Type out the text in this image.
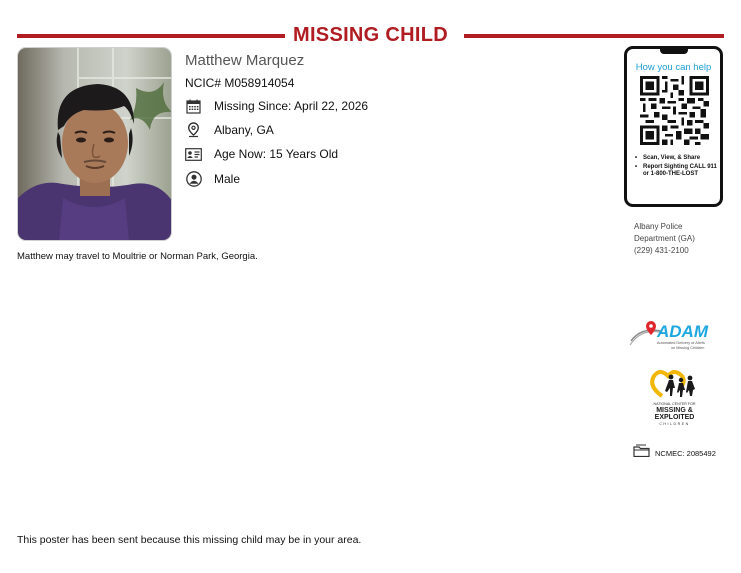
MISSING CHILD
Matthew Marquez
NCIC# M058914054
Missing Since: April 22, 2026
Albany, GA
Age Now: 15 Years Old
Male
Matthew may travel to Moultrie or Norman Park, Georgia.
How you can help
• Scan, View, & Share
• Report Sighting CALL 911 or 1-800-THE-LOST
Albany Police
Department (GA)
(229) 431-2100
ADAM
Automated Delivery of Alerts
on Missing Children
NATIONAL CENTER FOR
MISSING &
EXPLOITED
CHILDREN
NCMEC: 2085492
This poster has been sent because this missing child may be in your area.
